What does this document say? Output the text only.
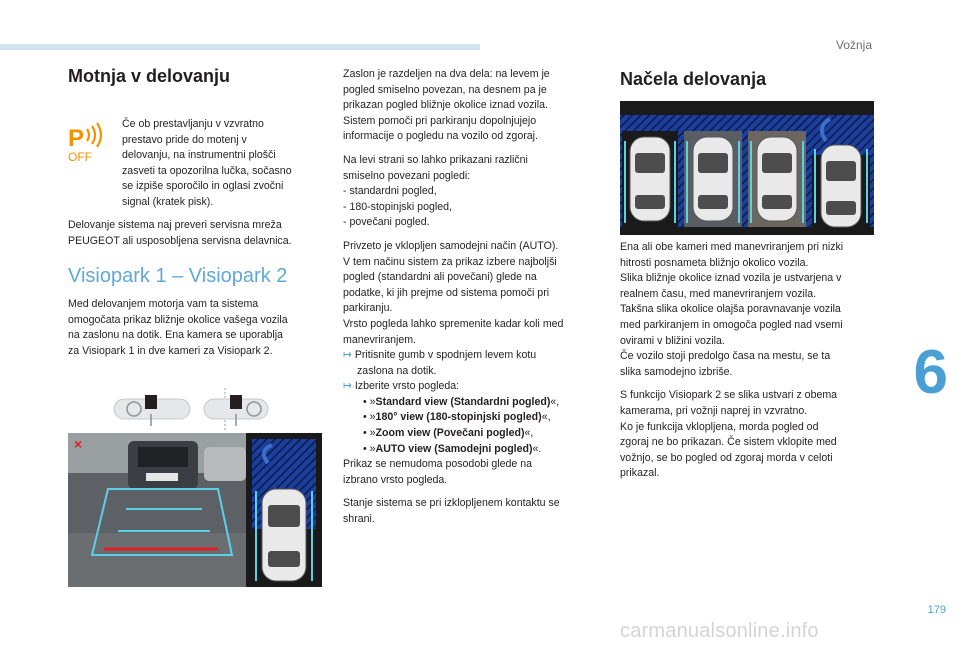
Vožnja
6
179
Motnja v delovanju
P
OFF
Če ob prestavljanju v vzvratno
prestavo pride do motenj v
delovanju, na instrumentni plošči
zasveti ta opozorilna lučka, sočasno
se izpiše sporočilo in oglasi zvočni
signal (kratek pisk).
Delovanje sistema naj preveri servisna mreža
PEUGEOT ali usposobljena servisna delavnica.
Visiopark 1 – Visiopark 2
Med delovanjem motorja vam ta sistema
omogočata prikaz bližnje okolice vašega vozila
na zaslonu na dotik. Ena kamera se uporablja
za Visiopark 1 in dve kameri za Visiopark 2.
×

Zaslon je razdeljen na dva dela: na levem je
pogled smiselno povezan, na desnem pa je
prikazan pogled bližnje okolice iznad vozila.
Sistem pomoči pri parkiranju dopolnjujejo
informacije o pogledu na vozilo od zgoraj.

Na levi strani so lahko prikazani različni
smiselno povezani pogledi:
- standardni pogled,
- 180-stopinjski pogled,
- povečani pogled.

Privzeto je vklopljen samodejni način (AUTO).
V tem načinu sistem za prikaz izbere najboljši
pogled (standardni ali povečani) glede na
podatke, ki jih prejme od sistema pomoči pri
parkiranju.
Vrsto pogleda lahko spremenite kadar koli med
manevriranjem.
↦ Pritisnite gumb v spodnjem levem kotu
zaslona na dotik.
↦ Izberite vrsto pogleda:
• »Standard view (Standardni pogled)«,
• »180° view (180-stopinjski pogled)«,
• »Zoom view (Povečani pogled)«,
• »AUTO view (Samodejni pogled)«.
Prikaz se nemudoma posodobi glede na
izbrano vrsto pogleda.

Stanje sistema se pri izklopljenem kontaktu se
shrani.

Načela delovanja

Ena ali obe kameri med manevriranjem pri nizki
hitrosti posnameta bližnjo okolico vozila.
Slika bližnje okolice iznad vozila je ustvarjena v
realnem času, med manevriranjem vozila.
Takšna slika okolice olajša poravnavanje vozila
med parkiranjem in omogoča pogled nad vsemi
ovirami v bližini vozila.
Če vozilo stoji predolgo časa na mestu, se ta
slika samodejno izbriše.

S funkcijo Visiopark 2 se slika ustvari z obema
kamerama, pri vožnji naprej in vzvratno.
Ko je funkcija vklopljena, morda pogled od
zgoraj ne bo prikazan. Če sistem vklopite med
vožnjo, se bo pogled od zgoraj morda v celoti
prikazal.

carmanualsonline.info
